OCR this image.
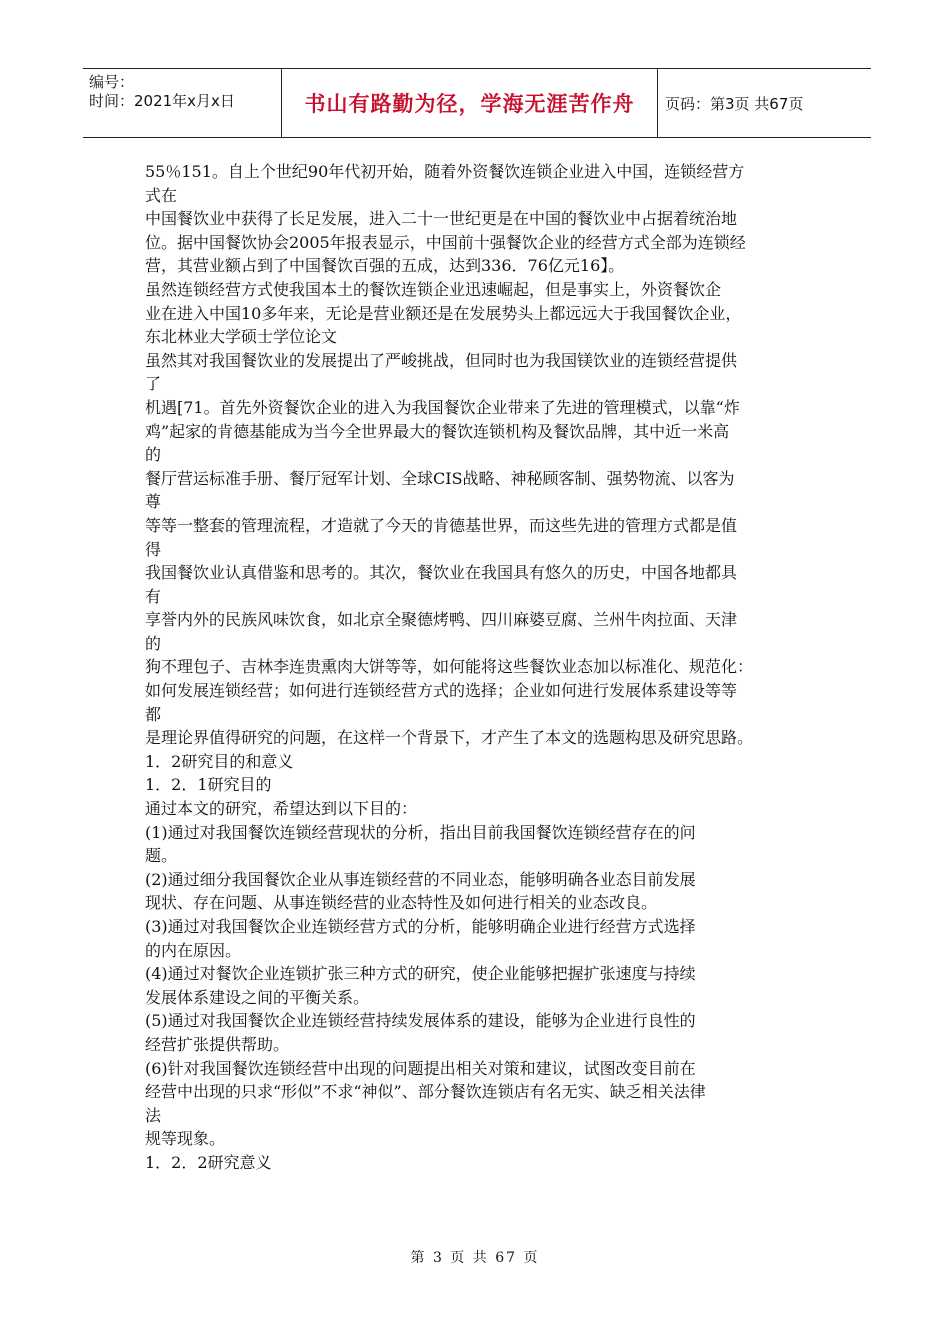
编号：
时间：2021年x月x日	书山有路勤为径，学海无涯苦作舟	页码：第3页 共67页
55％151。自上个世纪90年代初开始，随着外资餐饮连锁企业进入中国，连锁经营方
式在
中国餐饮业中获得了长足发展，进入二十一世纪更是在中国的餐饮业中占据着统治地
位。据中国餐饮协会2005年报表显示，中国前十强餐饮企业的经营方式全部为连锁经
营，其营业额占到了中国餐饮百强的五成，达到336．76亿元16】。
虽然连锁经营方式使我国本土的餐饮连锁企业迅速崛起，但是事实上，外资餐饮企
业在进入中国10多年来，无论是营业额还是在发展势头上都远远大于我国餐饮企业，
东北林业大学硕士学位论文
虽然其对我国餐饮业的发展提出了严峻挑战，但同时也为我国镁饮业的连锁经营提供
了
机遇[71。首先外资餐饮企业的进入为我国餐饮企业带来了先进的管理模式，以靠“炸
鸡”起家的肯德基能成为当今全世界最大的餐饮连锁机构及餐饮品牌，其中近一米高
的
餐厅营运标准手册、餐厅冠军计划、全球CIS战略、神秘顾客制、强势物流、以客为
尊
等等一整套的管理流程，才造就了今天的肯德基世界，而这些先进的管理方式都是值
得
我国餐饮业认真借鉴和思考的。其次，餐饮业在我国具有悠久的历史，中国各地都具
有
享誉内外的民族风味饮食，如北京全聚德烤鸭、四川麻婆豆腐、兰州牛肉拉面、天津
的
狗不理包子、吉林李连贵熏肉大饼等等，如何能将这些餐饮业态加以标准化、规范化：
如何发展连锁经营；如何进行连锁经营方式的选择；企业如何进行发展体系建设等等
都
是理论界值得研究的问题，在这样一个背景下，才产生了本文的选题构思及研究思路。
1．2研究目的和意义
1．2．1研究目的
通过本文的研究，希望达到以下目的：
(1)通过对我国餐饮连锁经营现状的分析，指出目前我国餐饮连锁经营存在的问
题。
(2)通过细分我国餐饮企业从事连锁经营的不同业态，能够明确各业态目前发展
现状、存在问题、从事连锁经营的业态特性及如何进行相关的业态改良。
(3)通过对我国餐饮企业连锁经营方式的分析，能够明确企业进行经营方式选择
的内在原因。
(4)通过对餐饮企业连锁扩张三种方式的研究，使企业能够把握扩张速度与持续
发展体系建设之间的平衡关系。
(5)通过对我国餐饮企业连锁经营持续发展体系的建设，能够为企业进行良性的
经营扩张提供帮助。
(6)针对我国餐饮连锁经营中出现的问题提出相关对策和建议，试图改变目前在
经营中出现的只求“形似”不求“神似”、部分餐饮连锁店有名无实、缺乏相关法律
法
规等现象。
1．2．2研究意义
第 3 页 共 67 页
